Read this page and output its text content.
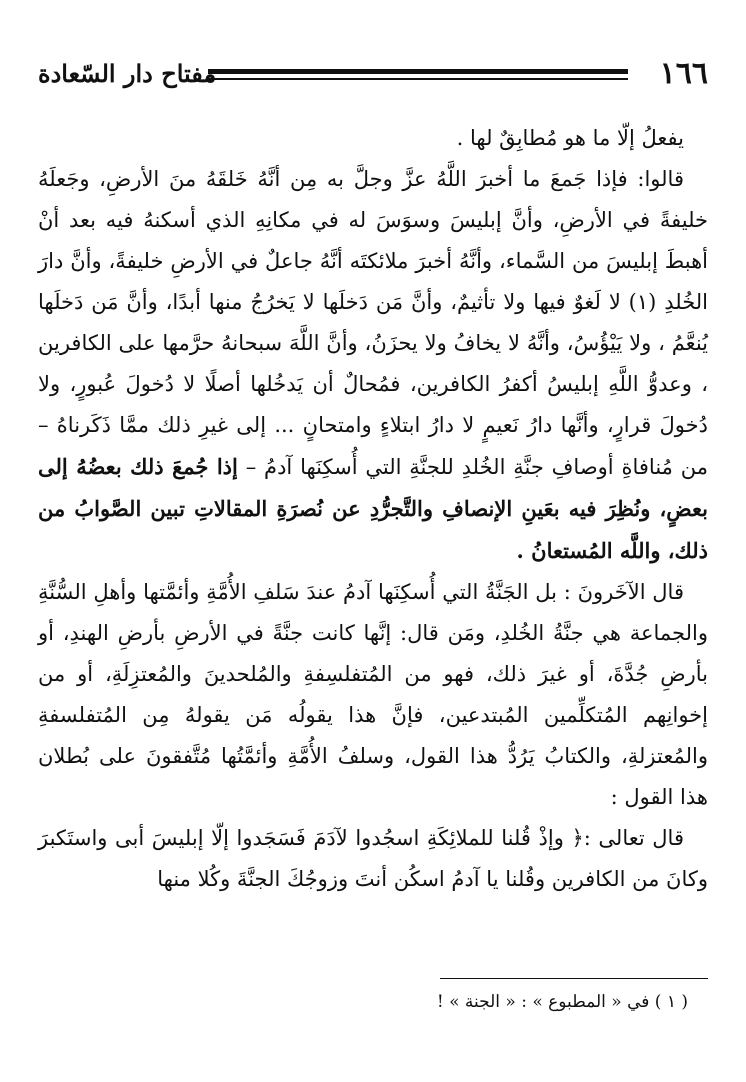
١٦٦
مفتاح دار السّعادة

يفعلُ إلّا ما هو مُطابِقٌ لها .

قالوا: فإذا جَمعَ ما أخبرَ اللَّهُ عزَّ وجلَّ به مِن أنَّهُ خَلقَهُ منَ الأرضِ، وجَعلَهُ خليفةً في الأرضِ، وأنَّ إبليسَ وسوَسَ له في مكانِهِ الذي أسكنهُ فيه بعد أنْ أهبطَ إبليسَ من السَّماء، وأنَّهُ أخبرَ ملائكتَه أنَّهُ جاعلٌ في الأرضِ خليفةً، وأنَّ دارَ الخُلدِ (١) لا لَغوٌ فيها ولا تأثيمٌ، وأنَّ مَن دَخلَها لا يَخرُجُ منها أبدًا، وأنَّ مَن دَخلَها يُنعَّمُ ، ولا يَيْؤُسُ، وأنَّهُ لا يخافُ ولا يحزَنُ، وأنَّ اللَّهَ سبحانهُ حرَّمها على الكافرين ، وعدوُّ اللَّهِ إبليسُ أكفرُ الكافرين، فمُحالٌ أن يَدخُلها أصلًا لا دُخولَ عُبورٍ، ولا دُخولَ قرارٍ، وأنَّها دارُ نَعيمٍ لا دارُ ابتلاءٍ وامتحانٍ ... إلى غيرِ ذلك ممَّا ذَكَرناهُ – من مُنافاةِ أوصافِ جنَّةِ الخُلدِ للجنَّةِ التي أُسكِنَها آدمُ – إذا جُمعَ ذلك بعضُهُ إلى بعضٍ، ونُظِرَ فيه بعَينِ الإنصافِ والتَّجرُّدِ عن نُصرَةِ المقالاتِ تبين الصَّوابُ من ذلك، واللَّه المُستعانُ .

قال الآخَرونَ : بل الجَنَّةُ التي أُسكِنَها آدمُ عندَ سَلفِ الأُمَّةِ وأئمَّتها وأهلِ السُّنَّةِ والجماعة هي جنَّةُ الخُلدِ، ومَن قال: إنَّها كانت جنَّةً في الأرضِ بأرضِ الهندِ، أو بأرضِ جُدَّةَ، أو غيرَ ذلك، فهو من المُتفلسِفةِ والمُلحدينَ والمُعتزِلَةِ، أو من إخوانِهم المُتكلِّمين المُبتدعين، فإنَّ هذا يقولُه مَن يقولهُ مِن المُتفلسفةِ والمُعتزلةِ، والكتابُ يَرُدُّ هذا القول، وسلفُ الأُمَّةِ وأئمَّتُها مُتَّفقونَ على بُطلان هذا القول :

قال تعالى :﴿ وإذْ قُلنا للملائِكَةِ اسجُدوا لآدَمَ فَسَجَدوا إلّا إبليسَ أبى واستَكبرَ وكانَ من الكافرين وقُلنا يا آدمُ اسكُن أنتَ وزوجُكَ الجنَّةَ وكُلا منها

( ١ ) في « المطبوع » : « الجنة » !
